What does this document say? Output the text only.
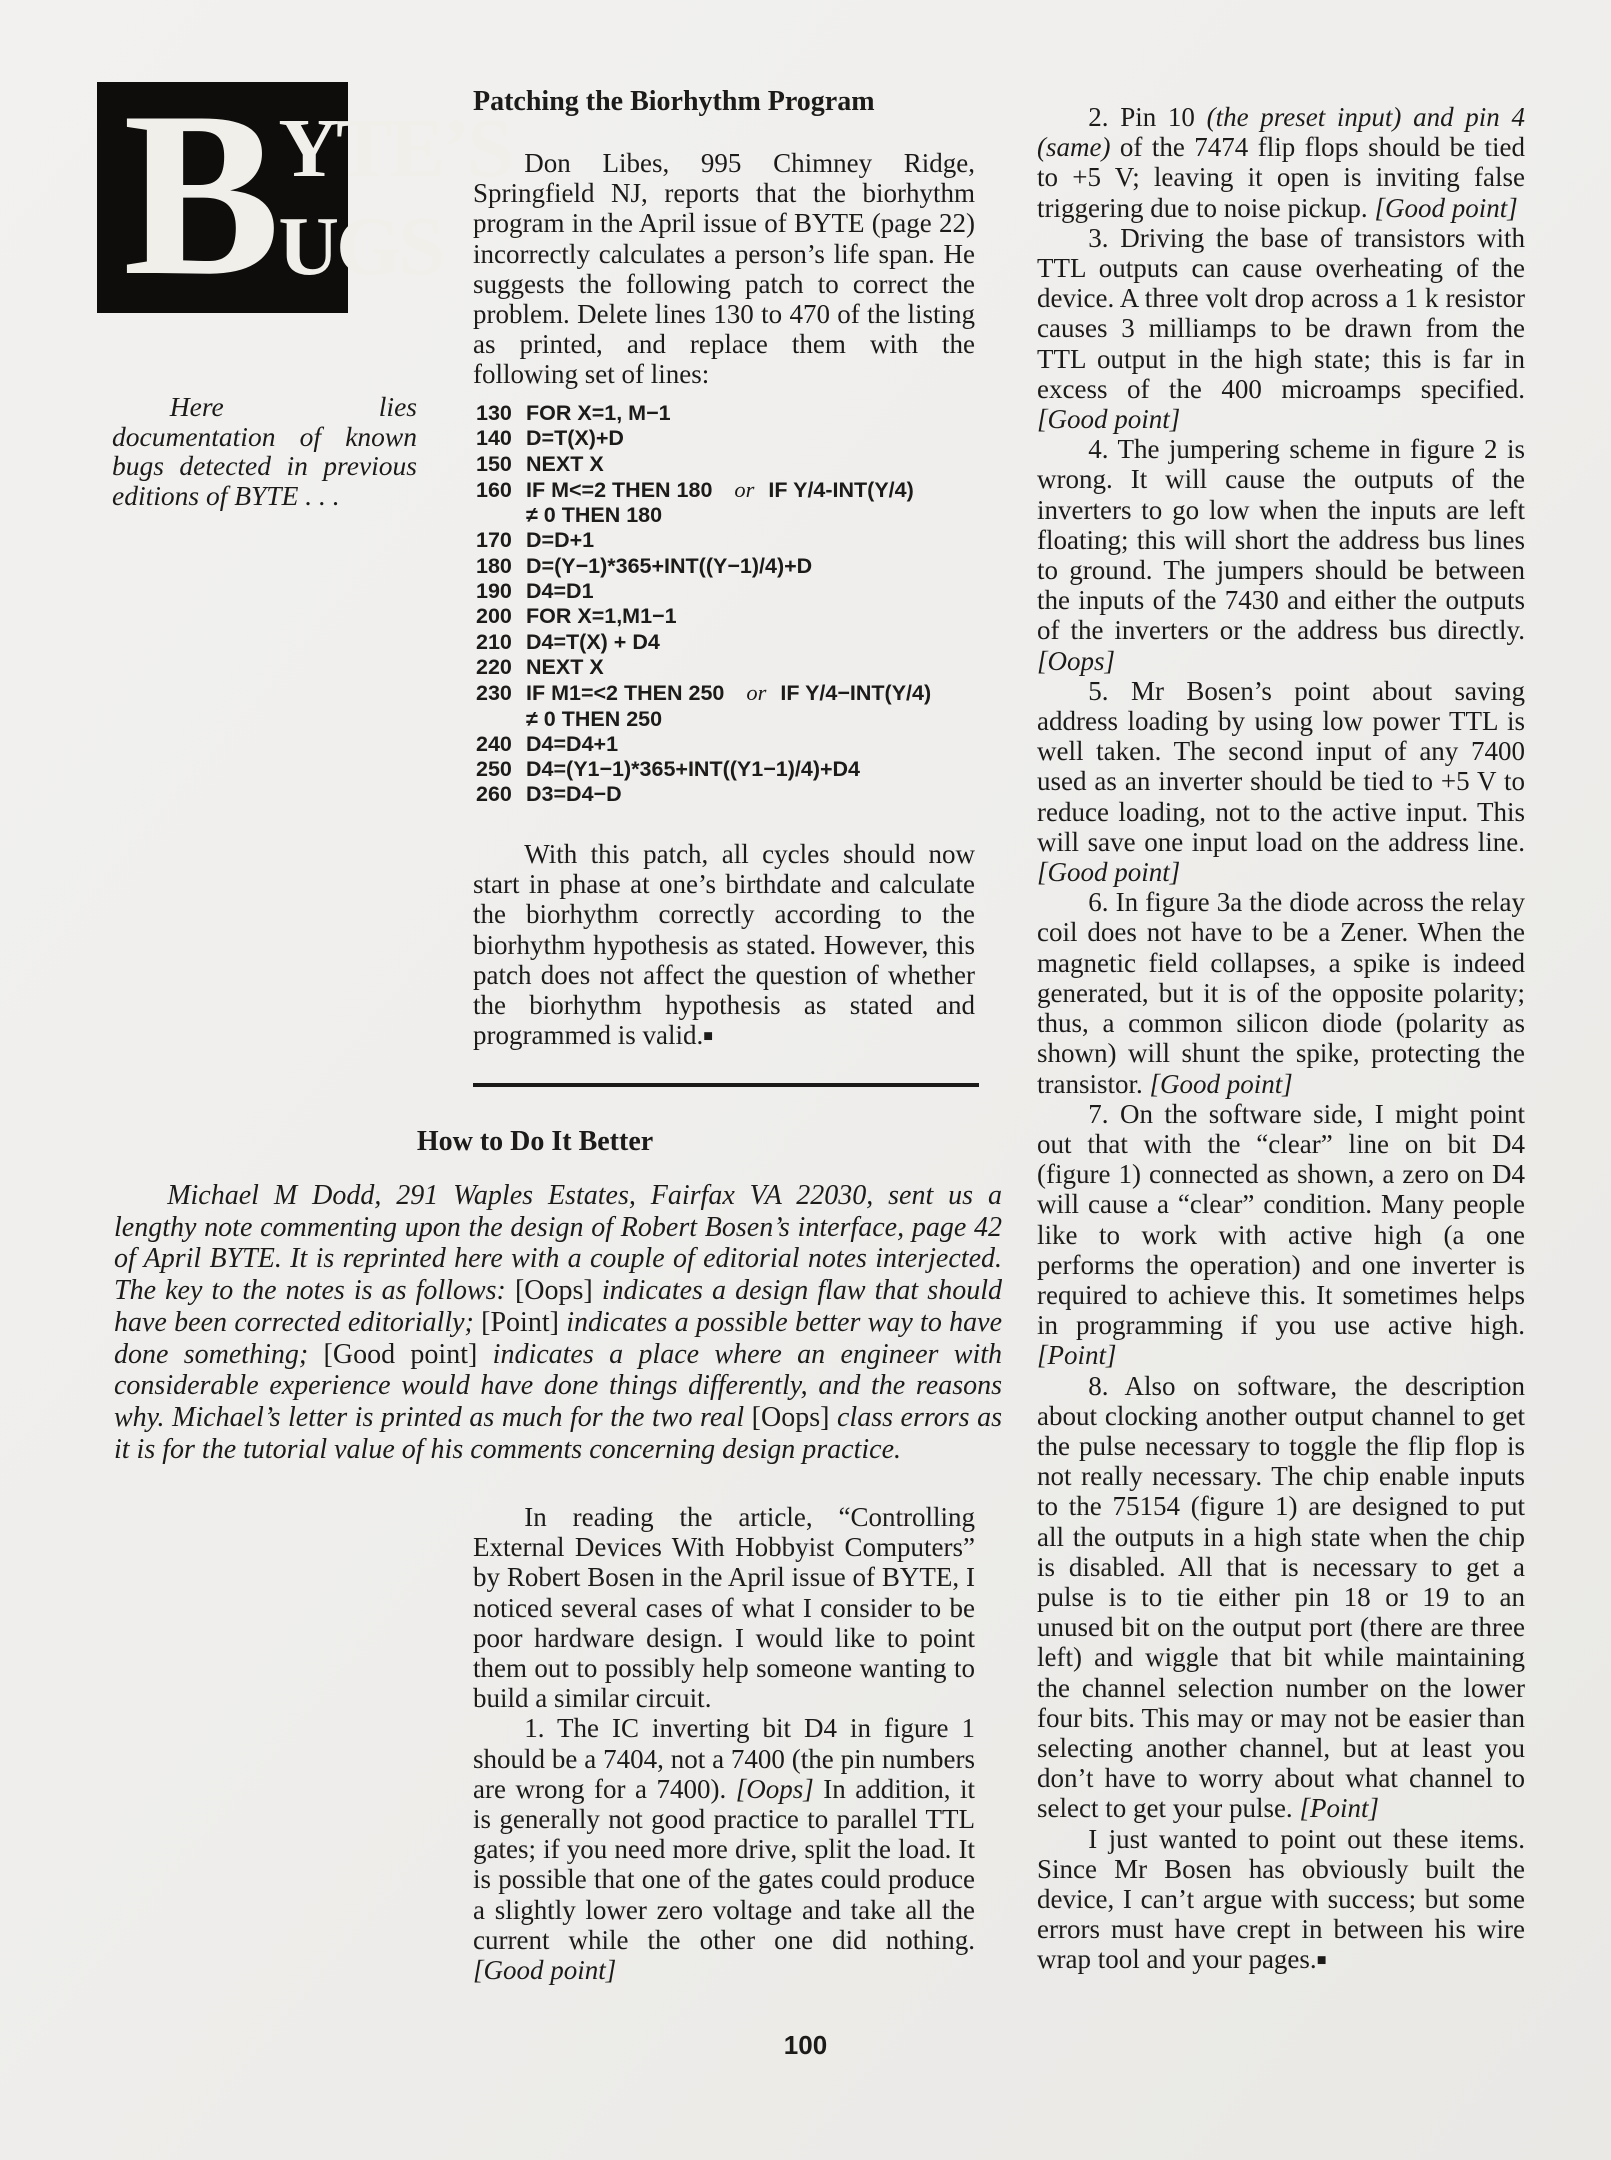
B YTE’S
UGS
Here lies documentation of known bugs detected in previous editions of BYTE . . .
Patching the Biorhythm Program

Don Libes, 995 Chimney Ridge, Springfield NJ, reports that the biorhythm program in the April issue of BYTE (page 22) incorrectly calculates a person’s life span. He suggests the following patch to correct the problem. Delete lines 130 to 470 of the listing as printed, and replace them with the following set of lines:

130 FOR X=1, M−1
140 D=T(X)+D
150 NEXT X
160 IF M<=2 THEN 180 or IF Y/4-INT(Y/4)
≠ 0 THEN 180
170 D=D+1
180 D=(Y−1)*365+INT((Y−1)/4)+D
190 D4=D1
200 FOR X=1,M1−1
210 D4=T(X) + D4
220 NEXT X
230 IF M1=<2 THEN 250 or IF Y/4−INT(Y/4)
≠ 0 THEN 250
240 D4=D4+1
250 D4=(Y1−1)*365+INT((Y1−1)/4)+D4
260 D3=D4−D

With this patch, all cycles should now start in phase at one’s birthdate and calculate the biorhythm correctly according to the biorhythm hypothesis as stated. However, this patch does not affect the question of whether the biorhythm hypothesis as stated and programmed is valid.■

How to Do It Better

Michael M Dodd, 291 Waples Estates, Fairfax VA 22030, sent us a lengthy note commenting upon the design of Robert Bosen’s interface, page 42 of April BYTE. It is reprinted here with a couple of editorial notes interjected. The key to the notes is as follows: [Oops] indicates a design flaw that should have been corrected editorially; [Point] indicates a possible better way to have done something; [Good point] indicates a place where an engineer with considerable experience would have done things differently, and the reasons why. Michael’s letter is printed as much for the two real [Oops] class errors as it is for the tutorial value of his comments concerning design practice.

In reading the article, “Controlling External Devices With Hobbyist Computers” by Robert Bosen in the April issue of BYTE, I noticed several cases of what I consider to be poor hardware design. I would like to point them out to possibly help someone wanting to build a similar circuit.

1. The IC inverting bit D4 in figure 1 should be a 7404, not a 7400 (the pin numbers are wrong for a 7400). [Oops] In addition, it is generally not good practice to parallel TTL gates; if you need more drive, split the load. It is possible that one of the gates could produce a slightly lower zero voltage and take all the current while the other one did nothing. [Good point]

2. Pin 10 (the preset input) and pin 4 (same) of the 7474 flip flops should be tied to +5 V; leaving it open is inviting false triggering due to noise pickup. [Good point]

3. Driving the base of transistors with TTL outputs can cause overheating of the device. A three volt drop across a 1 k resistor causes 3 milliamps to be drawn from the TTL output in the high state; this is far in excess of the 400 microamps specified. [Good point]

4. The jumpering scheme in figure 2 is wrong. It will cause the outputs of the inverters to go low when the inputs are left floating; this will short the address bus lines to ground. The jumpers should be between the inputs of the 7430 and either the outputs of the inverters or the address bus directly. [Oops]

5. Mr Bosen’s point about saving address loading by using low power TTL is well taken. The second input of any 7400 used as an inverter should be tied to +5 V to reduce loading, not to the active input. This will save one input load on the address line. [Good point]

6. In figure 3a the diode across the relay coil does not have to be a Zener. When the magnetic field collapses, a spike is indeed generated, but it is of the opposite polarity; thus, a common silicon diode (polarity as shown) will shunt the spike, protecting the transistor. [Good point]

7. On the software side, I might point out that with the “clear” line on bit D4 (figure 1) connected as shown, a zero on D4 will cause a “clear” condition. Many people like to work with active high (a one performs the operation) and one inverter is required to achieve this. It sometimes helps in programming if you use active high. [Point]

8. Also on software, the description about clocking another output channel to get the pulse necessary to toggle the flip flop is not really necessary. The chip enable inputs to the 75154 (figure 1) are designed to put all the outputs in a high state when the chip is disabled. All that is necessary to get a pulse is to tie either pin 18 or 19 to an unused bit on the output port (there are three left) and wiggle that bit while maintaining the channel selection number on the lower four bits. This may or may not be easier than selecting another channel, but at least you don’t have to worry about what channel to select to get your pulse. [Point]

I just wanted to point out these items. Since Mr Bosen has obviously built the device, I can’t argue with success; but some errors must have crept in between his wire wrap tool and your pages.■

100
